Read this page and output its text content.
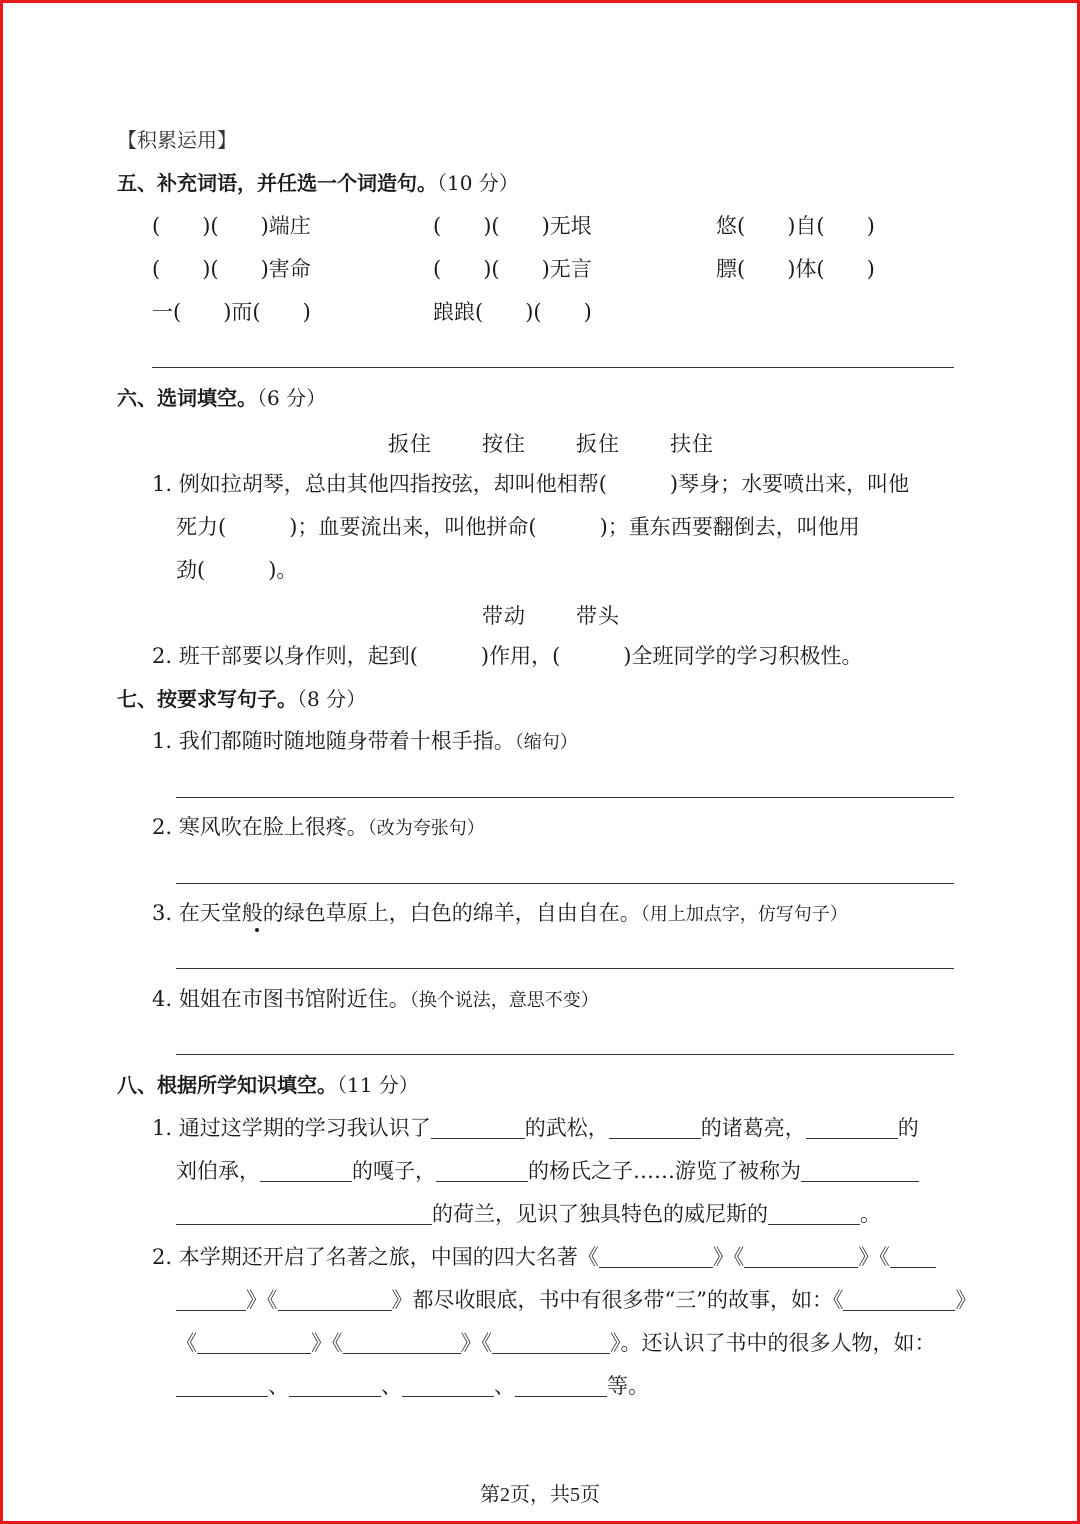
【积累运用】
五、补充词语，并任选一个词造句。（10 分）
(　　)(　　)端庄	(　　)(　　)无垠	悠(　　)自(　　)
(　　)(　　)害命	(　　)(　　)无言	膘(　　)体(　　)
一(　　)而(　　)	踉踉(　　)(　　)
六、选词填空。（6 分）
扳住 按住 扳住 扶住
1. 例如拉胡琴，总由其他四指按弦，却叫他相帮(　　　)琴身；水要喷出来，叫他
死力(　　　)；血要流出来，叫他拼命(　　　)；重东西要翻倒去，叫他用
劲(　　　)。
带动 带头
2. 班干部要以身作则，起到(　　　)作用，(　　　)全班同学的学习积极性。
七、按要求写句子。（8 分）
1. 我们都随时随地随身带着十根手指。（缩句）
2. 寒风吹在脸上很疼。（改为夸张句）
3. 在天堂般的绿色草原上，白色的绵羊，自由自在。（用上加点字，仿写句子）
4. 姐姐在市图书馆附近住。（换个说法，意思不变）
八、根据所学知识填空。（11 分）
1. 通过这学期的学习我认识了	的武松，	的诸葛亮，	的
刘伯承，	的嘎子，	的杨氏之子……游览了被称为
的荷兰，见识了独具特色的威尼斯的	。
2. 本学期还开启了名著之旅，中国的四大名著《	》《	》《
》《	》都尽收眼底，书中有很多带“三”的故事，如：《	》
《	》《	》《	》。还认识了书中的很多人物，如：
、	、	、	等。
第2页，共5页
